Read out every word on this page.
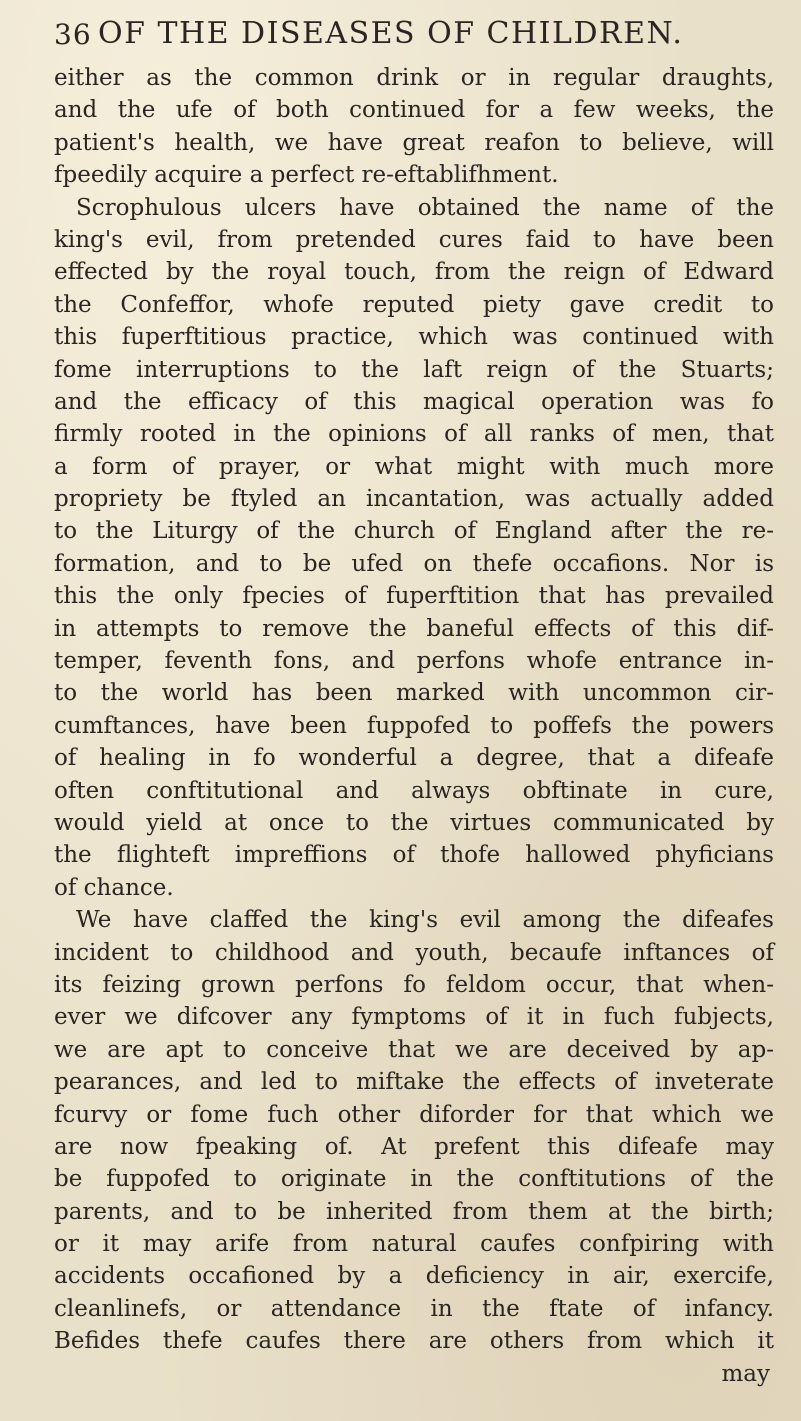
36 OF THE DISEASES OF CHILDREN.
either as the common drink or in regular draughts,
and the ufe of both continued for a few weeks, the
patient's health, we have great reafon to believe, will
fpeedily acquire a perfect re-eftablifhment.
Scrophulous ulcers have obtained the name of the
king's evil, from pretended cures faid to have been
effected by the royal touch, from the reign of Edward
the Confeffor, whofe reputed piety gave credit to
this fuperftitious practice, which was continued with
fome interruptions to the laft reign of the Stuarts;
and the efficacy of this magical operation was fo
firmly rooted in the opinions of all ranks of men, that
a form of prayer, or what might with much more
propriety be ftyled an incantation, was actually added
to the Liturgy of the church of England after the re-
formation, and to be ufed on thefe occafions. Nor is
this the only fpecies of fuperftition that has prevailed
in attempts to remove the baneful effects of this dif-
temper, feventh fons, and perfons whofe entrance in-
to the world has been marked with uncommon cir-
cumftances, have been fuppofed to poffefs the powers
of healing in fo wonderful a degree, that a difeafe
often conftitutional and always obftinate in cure,
would yield at once to the virtues communicated by
the flighteft impreffions of thofe hallowed phyficians
of chance.
We have claffed the king's evil among the difeafes
incident to childhood and youth, becaufe inftances of
its feizing grown perfons fo feldom occur, that when-
ever we difcover any fymptoms of it in fuch fubjects,
we are apt to conceive that we are deceived by ap-
pearances, and led to miftake the effects of inveterate
fcurvy or fome fuch other diforder for that which we
are now fpeaking of. At prefent this difeafe may
be fuppofed to originate in the conftitutions of the
parents, and to be inherited from them at the birth;
or it may arife from natural caufes confpiring with
accidents occafioned by a deficiency in air, exercife,
cleanlinefs, or attendance in the ftate of infancy.
Befides thefe caufes there are others from which it
may
